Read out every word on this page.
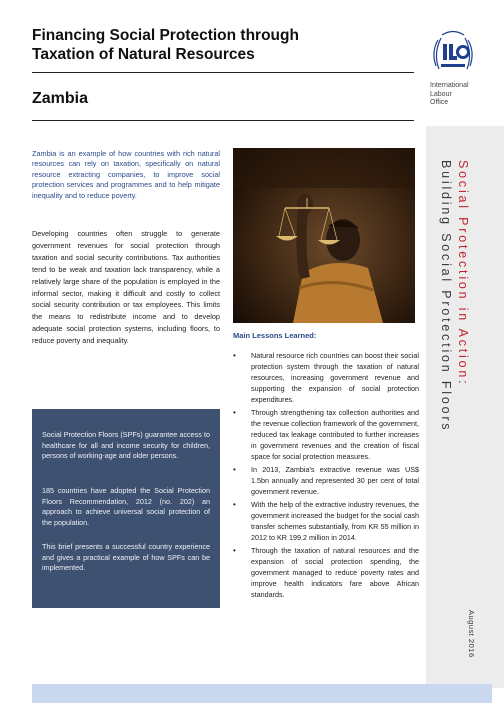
Financing Social Protection through
Taxation of Natural Resources
Zambia
International
Labour
Office
Social Protection in Action:
Building Social Protection Floors
August 2016
Zambia is an example of how countries with rich natural resources can rely on taxation, specifically on natural resource extracting companies, to improve social protection services and programmes and to help mitigate inequality and to reduce poverty.
Developing countries often struggle to generate government revenues for social protection through taxation and social security contributions. Tax authorities tend to be weak and taxation lack transparency, while a relatively large share of the population is employed in the informal sector, making it difficult and costly to collect social security contribution or tax employees. This limits the means to redistribute income and to develop adequate social protection systems, including floors, to reduce poverty and inequality.

Social Protection Floors (SPFs) guarantee access to healthcare for all and income security for children, persons of working-age and older persons.

185 countries have adopted the Social Protection Floors Recommendation, 2012 (no. 202) an approach to achieve universal social protection of the population.

This brief presents a successful country experience and gives a practical example of how SPFs can be implemented.

Main Lessons Learned:
• Natural resource rich countries can boost their social protection system through the taxation of natural resources, increasing government revenue and supporting the expansion of social protection expenditures.
• Through strengthening tax collection authorities and the revenue collection framework of the government, reduced tax leakage contributed to further increases in government revenues and the creation of fiscal space for social protection measures.
• In 2013, Zambia's extractive revenue was US$ 1.5bn annually and represented 30 per cent of total government revenue.
• With the help of the extractive industry revenues, the government increased the budget for the social cash transfer schemes substantially, from KR 55 million in 2012 to KR 199.2 million in 2014.
• Through the taxation of natural resources and the expansion of social protection spending, the government managed to reduce poverty rates and improve health indicators fare above African standards.
